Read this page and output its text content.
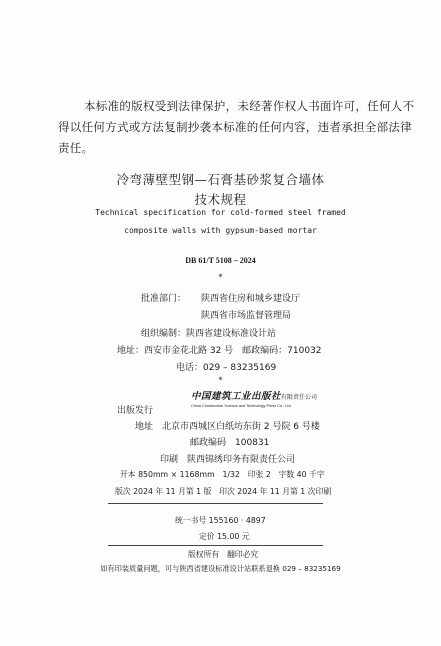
本标准的版权受到法律保护，未经著作权人书面许可，任何人不得以任何方式或方法复制抄袭本标准的任何内容，违者承担全部法律责任。
冷弯薄壁型钢—石膏基砂浆复合墙体
技术规程
Technical specification for cold-formed steel framed
composite walls with gypsum-based mortar
DB 61/T 5108 – 2024
*
批准部门： 陕西省住房和城乡建设厅
陕西省市场监督管理局
组织编制：陕西省建设标准设计站
地址：西安市金花北路 32 号　邮政编码：710032
电话：029 – 83235169
*
出版发行
中国建筑工业出版社有限责任公司
China Construction Science and Technology Press Co., Ltd.
地址　北京市西城区白纸坊东街 2 号院 6 号楼
邮政编码　100831
印刷　陕西锦绣印务有限责任公司
开本 850mm × 1168mm　1/32　印张 2　字数 40 千字
版次 2024 年 11 月第 1 版　印次 2024 年 11 月第 1 次印刷
统一书号 155160 · 4897
定价 15.00 元
版权所有　翻印必究
如有印装质量问题，可与陕西省建设标准设计站联系退换 029 – 83235169
